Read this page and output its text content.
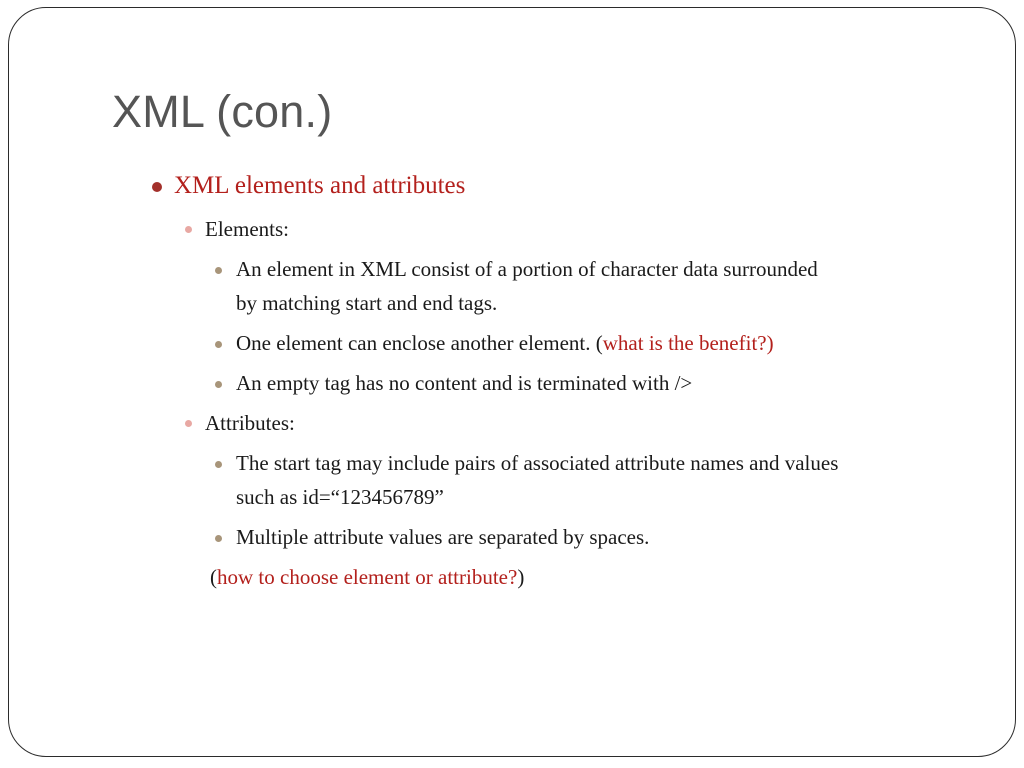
XML (con.)
XML elements and attributes
Elements:
An element in XML consist of a portion of character data surrounded
by matching start and end tags.
One element can enclose another element. (what is the benefit?)
An empty tag has no content and is terminated with />
Attributes:
The start tag may include pairs of associated attribute names and values
such as id=“123456789”
Multiple attribute values are separated by spaces.
(how to choose element or attribute?)
